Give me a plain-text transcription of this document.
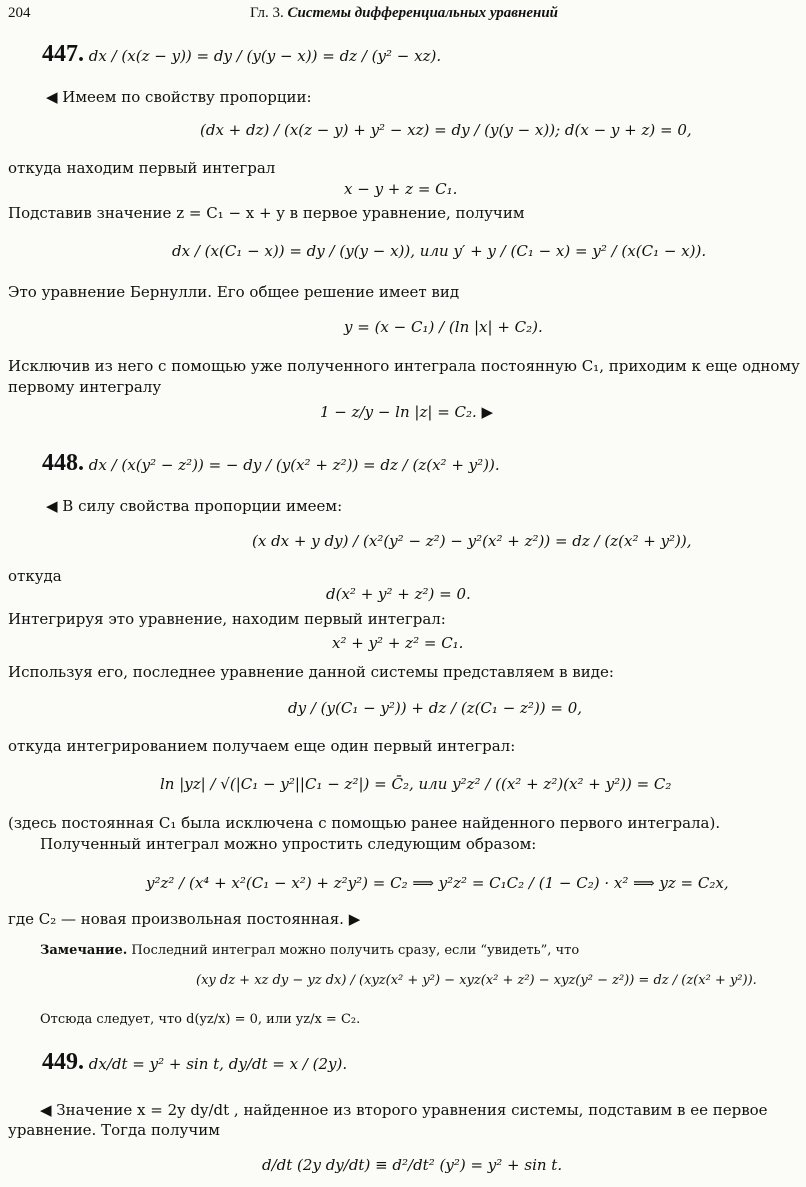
204	Гл. 3. Системы дифференциальных уравнений
447. dx / (x(z − y)) = dy / (y(y − x)) = dz / (y² − xz).
◀ Имеем по свойству пропорции:
(dx + dz) / (x(z − y) + y² − xz) = dy / (y(y − x)); d(x − y + z) = 0,
откуда находим первый интеграл
x − y + z = C₁.
Подставив значение z = C₁ − x + y в первое уравнение, получим
dx / (x(C₁ − x)) = dy / (y(y − x)), или y′ + y / (C₁ − x) = y² / (x(C₁ − x)).
Это уравнение Бернулли. Его общее решение имеет вид
y = (x − C₁) / (ln |x| + C₂).
Исключив из него с помощью уже полученного интеграла постоянную C₁, приходим к еще одному
первому интегралу
1 − z/y − ln |z| = C₂. ▶
448. dx / (x(y² − z²)) = − dy / (y(x² + z²)) = dz / (z(x² + y²)).
◀ В силу свойства пропорции имеем:
(x dx + y dy) / (x²(y² − z²) − y²(x² + z²)) = dz / (z(x² + y²)),
откуда
d(x² + y² + z²) = 0.
Интегрируя это уравнение, находим первый интеграл:
x² + y² + z² = C₁.
Используя его, последнее уравнение данной системы представляем в виде:
dy / (y(C₁ − y²)) + dz / (z(C₁ − z²)) = 0,
откуда интегрированием получаем еще один первый интеграл:
ln |yz| / √(|C₁ − y²||C₁ − z²|) = C̄₂, или y²z² / ((x² + z²)(x² + y²)) = C₂
(здесь постоянная C₁ была исключена с помощью ранее найденного первого интеграла).
Полученный интеграл можно упростить следующим образом:
y²z² / (x⁴ + x²(C₁ − x²) + z²y²) = C₂ ⟹ y²z² = C₁C₂ / (1 − C₂) · x² ⟹ yz = C₂x,
где C₂ — новая произвольная постоянная. ▶
Замечание. Последний интеграл можно получить сразу, если “увидеть”, что
(xy dz + xz dy − yz dx) / (xyz(x² + y²) − xyz(x² + z²) − xyz(y² − z²)) = dz / (z(x² + y²)).
Отсюда следует, что d(yz/x) = 0, или yz/x = C₂.
449. dx/dt = y² + sin t, dy/dt = x / (2y).
◀ Значение x = 2y dy/dt , найденное из второго уравнения системы, подставим в ее первое
уравнение. Тогда получим
d/dt (2y dy/dt) ≡ d²/dt² (y²) = y² + sin t.
